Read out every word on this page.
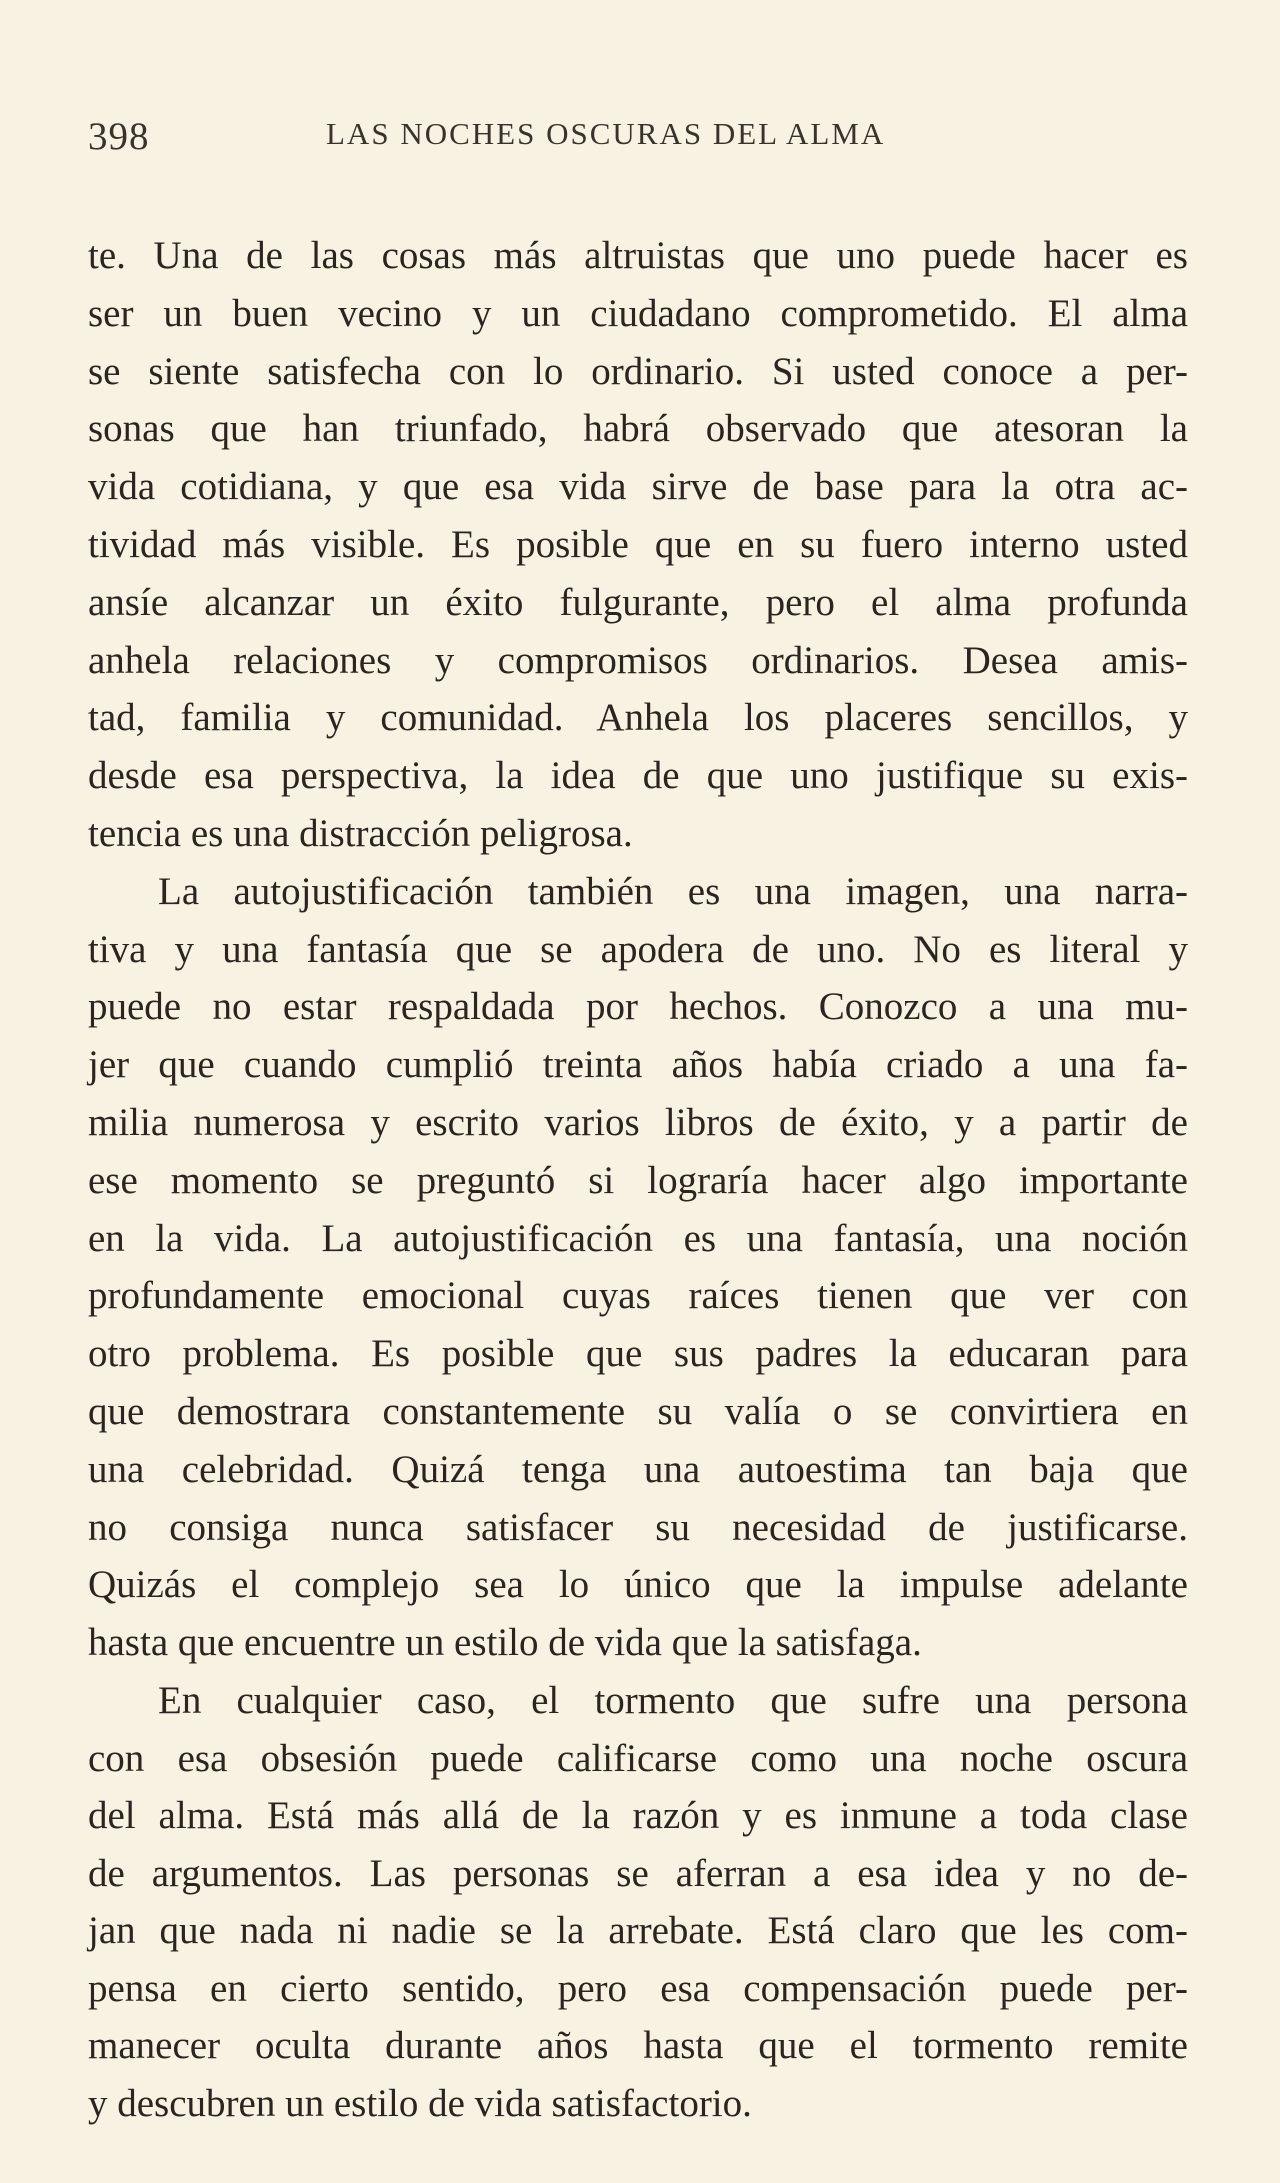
398	LAS NOCHES OSCURAS DEL ALMA
te. Una de las cosas más altruistas que uno puede hacer es
ser un buen vecino y un ciudadano comprometido. El alma
se siente satisfecha con lo ordinario. Si usted conoce a per-
sonas que han triunfado, habrá observado que atesoran la
vida cotidiana, y que esa vida sirve de base para la otra ac-
tividad más visible. Es posible que en su fuero interno usted
ansíe alcanzar un éxito fulgurante, pero el alma profunda
anhela relaciones y compromisos ordinarios. Desea amis-
tad, familia y comunidad. Anhela los placeres sencillos, y
desde esa perspectiva, la idea de que uno justifique su exis-
tencia es una distracción peligrosa.
La autojustificación también es una imagen, una narra-
tiva y una fantasía que se apodera de uno. No es literal y
puede no estar respaldada por hechos. Conozco a una mu-
jer que cuando cumplió treinta años había criado a una fa-
milia numerosa y escrito varios libros de éxito, y a partir de
ese momento se preguntó si lograría hacer algo importante
en la vida. La autojustificación es una fantasía, una noción
profundamente emocional cuyas raíces tienen que ver con
otro problema. Es posible que sus padres la educaran para
que demostrara constantemente su valía o se convirtiera en
una celebridad. Quizá tenga una autoestima tan baja que
no consiga nunca satisfacer su necesidad de justificarse.
Quizás el complejo sea lo único que la impulse adelante
hasta que encuentre un estilo de vida que la satisfaga.
En cualquier caso, el tormento que sufre una persona
con esa obsesión puede calificarse como una noche oscura
del alma. Está más allá de la razón y es inmune a toda clase
de argumentos. Las personas se aferran a esa idea y no de-
jan que nada ni nadie se la arrebate. Está claro que les com-
pensa en cierto sentido, pero esa compensación puede per-
manecer oculta durante años hasta que el tormento remite
y descubren un estilo de vida satisfactorio.
